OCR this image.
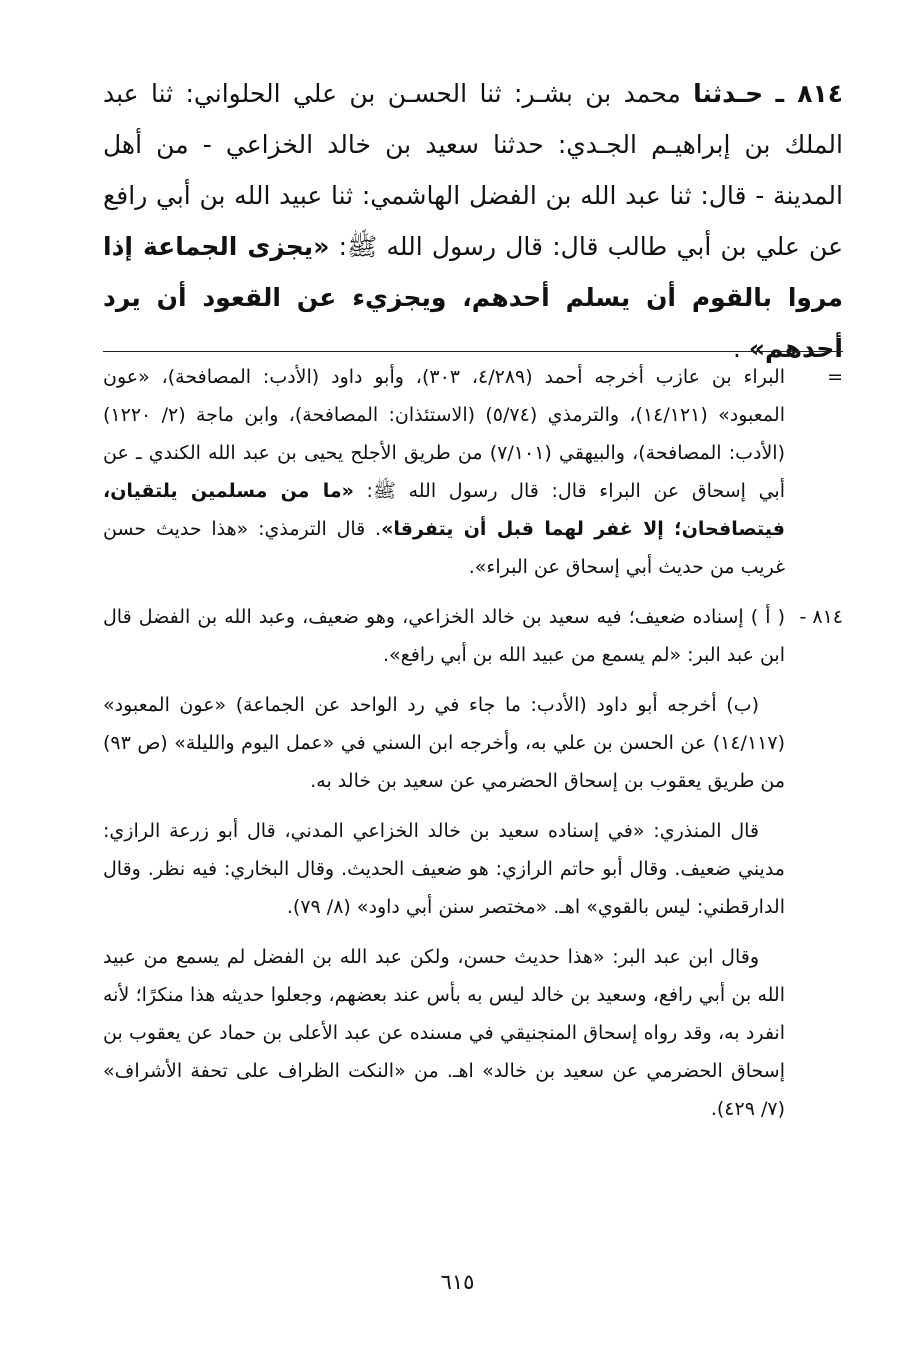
٨١٤ ـ حـدثنا محمد بن بشـر: ثنا الحسـن بن علي الحلواني: ثنا عبد الملك بن إبراهيـم الجـدي: حدثنا سعيد بن خالد الخزاعي - من أهل المدينة - قال: ثنا عبد الله بن الفضل الهاشمي: ثنا عبيد الله بن أبي رافع عن علي بن أبي طالب قال: قال رسول الله ﷺ: «يجزى الجماعة إذا مروا بالقوم أن يسلم أحدهم، ويجزيء عن القعود أن يرد أحدهم» .

=
البراء بن عازب أخرجه أحمد (٤/٢٨٩، ٣٠٣)، وأبو داود (الأدب: المصافحة)، «عون المعبود» (١٤/١٢١)، والترمذي (٥/٧٤) (الاستئذان: المصافحة)، وابن ماجة (٢/ ١٢٢٠) (الأدب: المصافحة)، والبيهقي (٧/١٠١) من طريق الأجلح يحيى بن عبد الله الكندي ـ عن أبي إسحاق عن البراء قال: قال رسول الله ﷺ: «ما من مسلمين يلتقيان، فيتصافحان؛ إلا غفر لهما قبل أن يتفرقا». قال الترمذي: «هذا حديث حسن غريب من حديث أبي إسحاق عن البراء».

٨١٤ -
( أ ) إسناده ضعيف؛ فيه سعيد بن خالد الخزاعي، وهو ضعيف، وعبد الله بن الفضل قال ابن عبد البر: «لم يسمع من عبيد الله بن أبي رافع».

(ب) أخرجه أبو داود (الأدب: ما جاء في رد الواحد عن الجماعة) «عون المعبود» (١٤/١١٧) عن الحسن بن علي به، وأخرجه ابن السني في «عمل اليوم والليلة» (ص ٩٣) من طريق يعقوب بن إسحاق الحضرمي عن سعيد بن خالد به.

قال المنذري: «في إسناده سعيد بن خالد الخزاعي المدني، قال أبو زرعة الرازي: مديني ضعيف. وقال أبو حاتم الرازي: هو ضعيف الحديث. وقال البخاري: فيه نظر. وقال الدارقطني: ليس بالقوي» اهـ. «مختصر سنن أبي داود» (٨/ ٧٩).

وقال ابن عبد البر: «هذا حديث حسن، ولكن عبد الله بن الفضل لم يسمع من عبيد الله بن أبي رافع، وسعيد بن خالد ليس به بأس عند بعضهم، وجعلوا حديثه هذا منكرًا؛ لأنه انفرد به، وقد رواه إسحاق المنجنيقي في مسنده عن عبد الأعلى بن حماد عن يعقوب بن إسحاق الحضرمي عن سعيد بن خالد» اهـ. من «النكت الظراف على تحفة الأشراف» (٧/ ٤٢٩).

٦١٥
